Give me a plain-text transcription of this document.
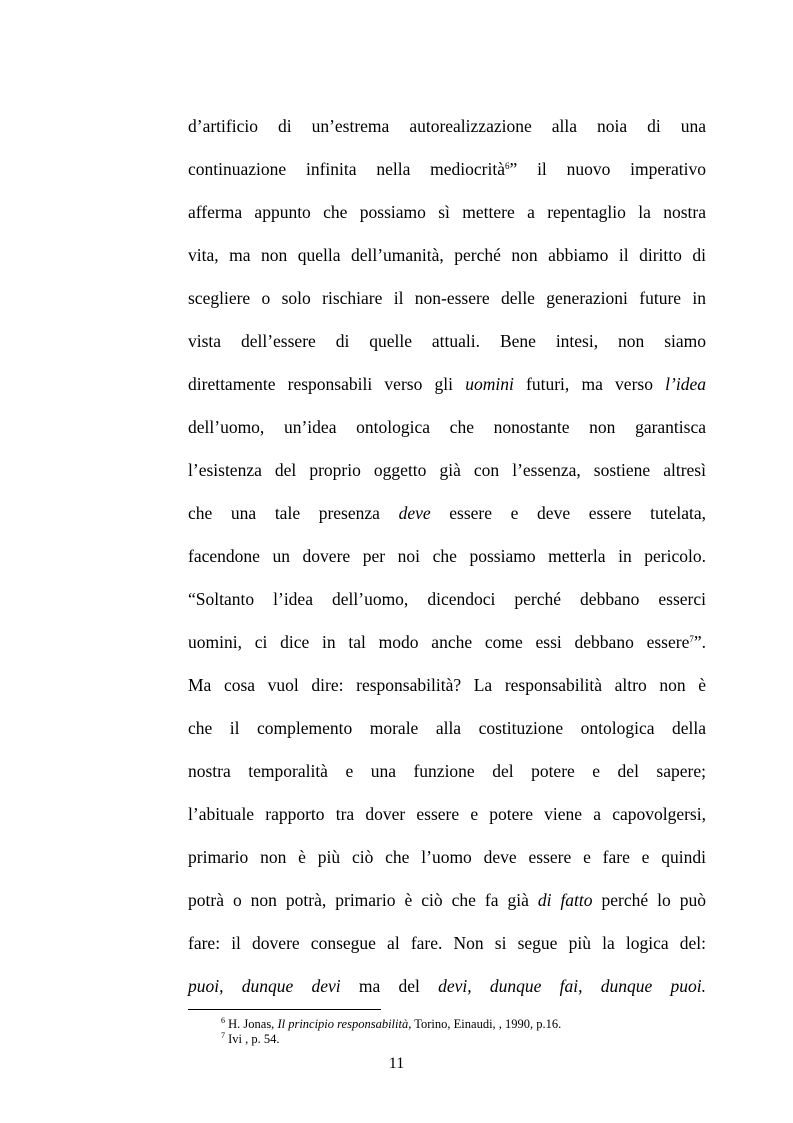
d’artificio di un’estrema autorealizzazione alla noia di una
continuazione infinita nella mediocrità$^6$” il nuovo imperativo
afferma appunto che possiamo sì mettere a repentaglio la nostra
vita, ma non quella dell’umanità, perché non abbiamo il diritto di
scegliere o solo rischiare il non-essere delle generazioni future in
vista dell’essere di quelle attuali. Bene intesi, non siamo
direttamente responsabili verso gli uomini futuri, ma verso l’idea
dell’uomo, un’idea ontologica che nonostante non garantisca
l’esistenza del proprio oggetto già con l’essenza, sostiene altresì
che una tale presenza deve essere e deve essere tutelata,
facendone un dovere per noi che possiamo metterla in pericolo.
“Soltanto l’idea dell’uomo, dicendoci perché debbano esserci
uomini, ci dice in tal modo anche come essi debbano essere$^7$”.
Ma cosa vuol dire: responsabilità? La responsabilità altro non è
che il complemento morale alla costituzione ontologica della
nostra temporalità e una funzione del potere e del sapere;
l’abituale rapporto tra dover essere e potere viene a capovolgersi,
primario non è più ciò che l’uomo deve essere e fare e quindi
potrà o non potrà, primario è ciò che fa già di fatto perché lo può
fare: il dovere consegue al fare. Non si segue più la logica del:
puoi, dunque devi ma del devi, dunque fai, dunque puoi.
$^6$ H. Jonas, Il principio responsabilità, Torino, Einaudi, , 1990, p.16.
$^7$ Ivi , p. 54.
11
